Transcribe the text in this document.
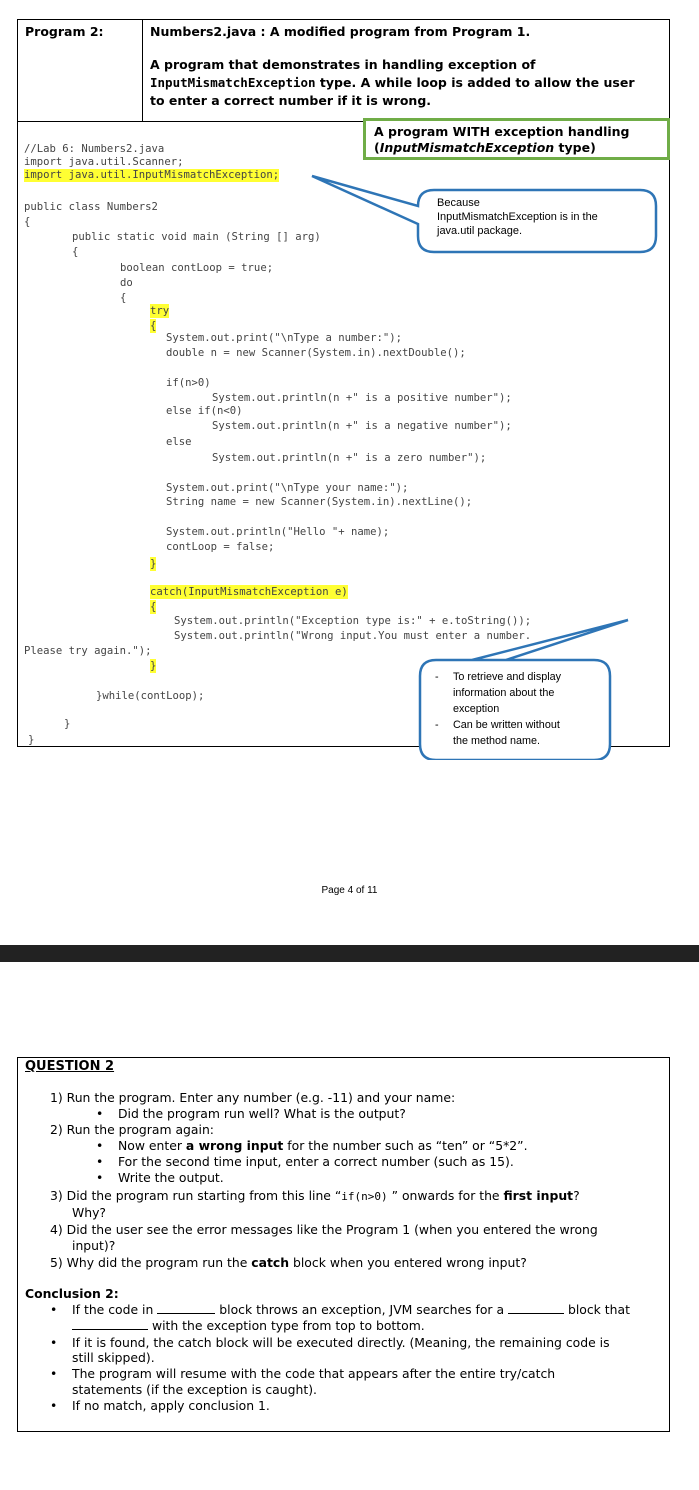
Program 2:	Numbers2.java : A modified program from Program 1.
A program that demonstrates in handling exception of InputMismatchException type. A while loop is added to allow the user to enter a correct number if it is wrong.
A program WITH exception handling
(InputMismatchException type)
//Lab 6: Numbers2.java
import java.util.Scanner;
import java.util.InputMismatchException;
public class Numbers2
{
public static void main (String [] arg)
{
boolean contLoop = true;
do
{
try
{
System.out.print("\nType a number:");
double n = new Scanner(System.in).nextDouble();
if(n>0)
System.out.println(n +" is a positive number");
else if(n<0)
System.out.println(n +" is a negative number");
else
System.out.println(n +" is a zero number");
System.out.print("\nType your name:");
String name = new Scanner(System.in).nextLine();
System.out.println("Hello "+ name);
contLoop = false;
}
catch(InputMismatchException e)
{
System.out.println("Exception type is:" + e.toString());
System.out.println("Wrong input.You must enter a number.
Please try again.");
}
}while(contLoop);
}
}
Because
InputMismatchException is in the
java.util package.
- To retrieve and display
information about the
exception
- Can be written without
the method name.
Page 4 of 11
QUESTION 2
1) Run the program. Enter any number (e.g. -11) and your name:
• Did the program run well? What is the output?
2) Run the program again:
• Now enter a wrong input for the number such as “ten” or “5*2”.
• For the second time input, enter a correct number (such as 15).
• Write the output.
3) Did the program run starting from this line “if(n>0) ” onwards for the first input?
Why?
4) Did the user see the error messages like the Program 1 (when you entered the wrong
input)?
5) Why did the program run the catch block when you entered wrong input?
Conclusion 2:
• If the code in	block throws an exception, JVM searches for a	block that
with the exception type from top to bottom.
• If it is found, the catch block will be executed directly. (Meaning, the remaining code is
still skipped).
• The program will resume with the code that appears after the entire try/catch
statements (if the exception is caught).
• If no match, apply conclusion 1.
